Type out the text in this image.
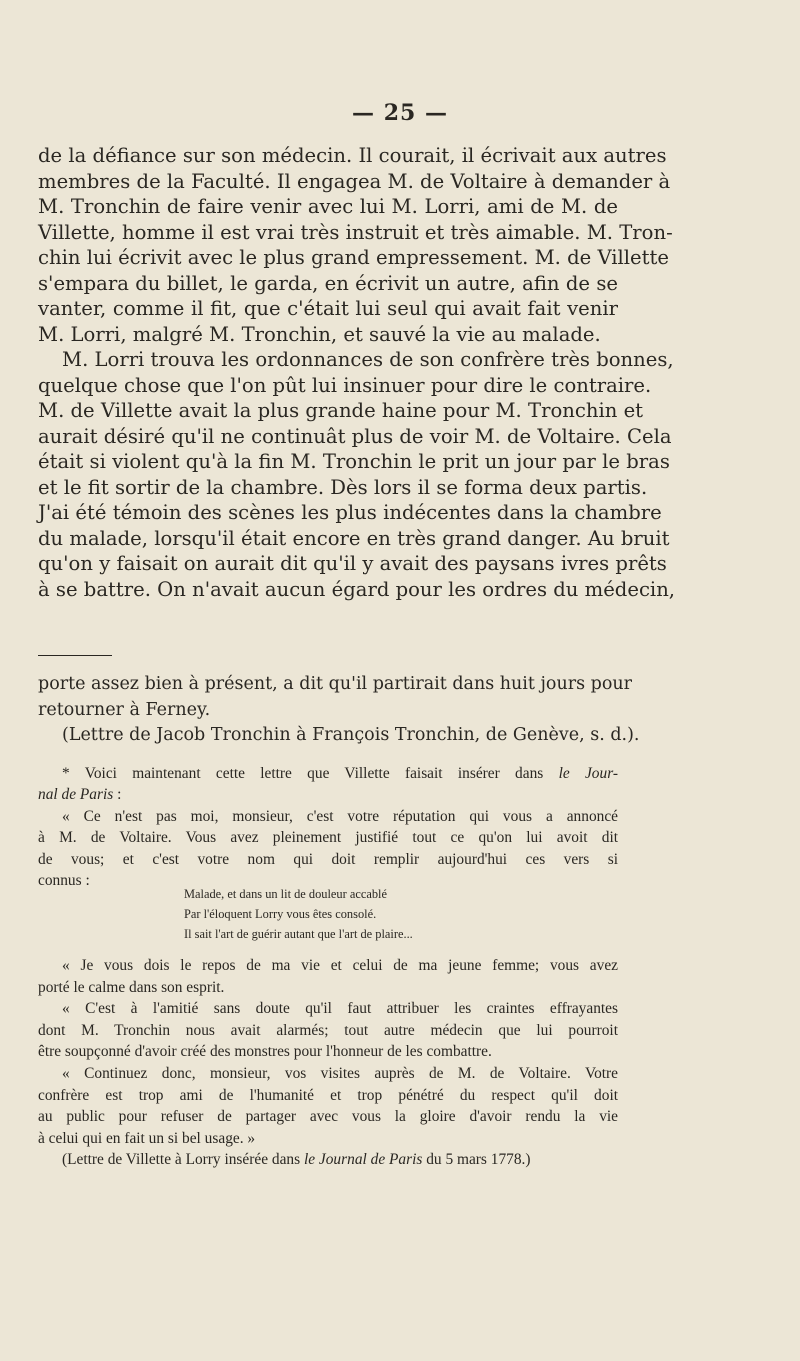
— 25 —
de la défiance sur son médecin. Il courait, il écrivait aux autres
membres de la Faculté. Il engagea M. de Voltaire à demander à
M. Tronchin de faire venir avec lui M. Lorri, ami de M. de
Villette, homme il est vrai très instruit et très aimable. M. Tron-
chin lui écrivit avec le plus grand empressement. M. de Villette
s'empara du billet, le garda, en écrivit un autre, afin de se
vanter, comme il fit, que c'était lui seul qui avait fait venir
M. Lorri, malgré M. Tronchin, et sauvé la vie au malade.
M. Lorri trouva les ordonnances de son confrère très bonnes,
quelque chose que l'on pût lui insinuer pour dire le contraire.
M. de Villette avait la plus grande haine pour M. Tronchin et
aurait désiré qu'il ne continuât plus de voir M. de Voltaire. Cela
était si violent qu'à la fin M. Tronchin le prit un jour par le bras
et le fit sortir de la chambre. Dès lors il se forma deux partis.
J'ai été témoin des scènes les plus indécentes dans la chambre
du malade, lorsqu'il était encore en très grand danger. Au bruit
qu'on y faisait on aurait dit qu'il y avait des paysans ivres prêts
à se battre. On n'avait aucun égard pour les ordres du médecin,
porte assez bien à présent, a dit qu'il partirait dans huit jours pour
retourner à Ferney.
(Lettre de Jacob Tronchin à François Tronchin, de Genève, s. d.).
* Voici maintenant cette lettre que Villette faisait insérer dans le Jour-
nal de Paris :
« Ce n'est pas moi, monsieur, c'est votre réputation qui vous a annoncé
à M. de Voltaire. Vous avez pleinement justifié tout ce qu'on lui avoit dit
de vous; et c'est votre nom qui doit remplir aujourd'hui ces vers si
connus :
Malade, et dans un lit de douleur accablé
Par l'éloquent Lorry vous êtes consolé.
Il sait l'art de guérir autant que l'art de plaire...
« Je vous dois le repos de ma vie et celui de ma jeune femme; vous avez
porté le calme dans son esprit.
« C'est à l'amitié sans doute qu'il faut attribuer les craintes effrayantes
dont M. Tronchin nous avait alarmés; tout autre médecin que lui pourroit
être soupçonné d'avoir créé des monstres pour l'honneur de les combattre.
« Continuez donc, monsieur, vos visites auprès de M. de Voltaire. Votre
confrère est trop ami de l'humanité et trop pénétré du respect qu'il doit
au public pour refuser de partager avec vous la gloire d'avoir rendu la vie
à celui qui en fait un si bel usage. »
(Lettre de Villette à Lorry insérée dans le Journal de Paris du 5 mars 1778.)
